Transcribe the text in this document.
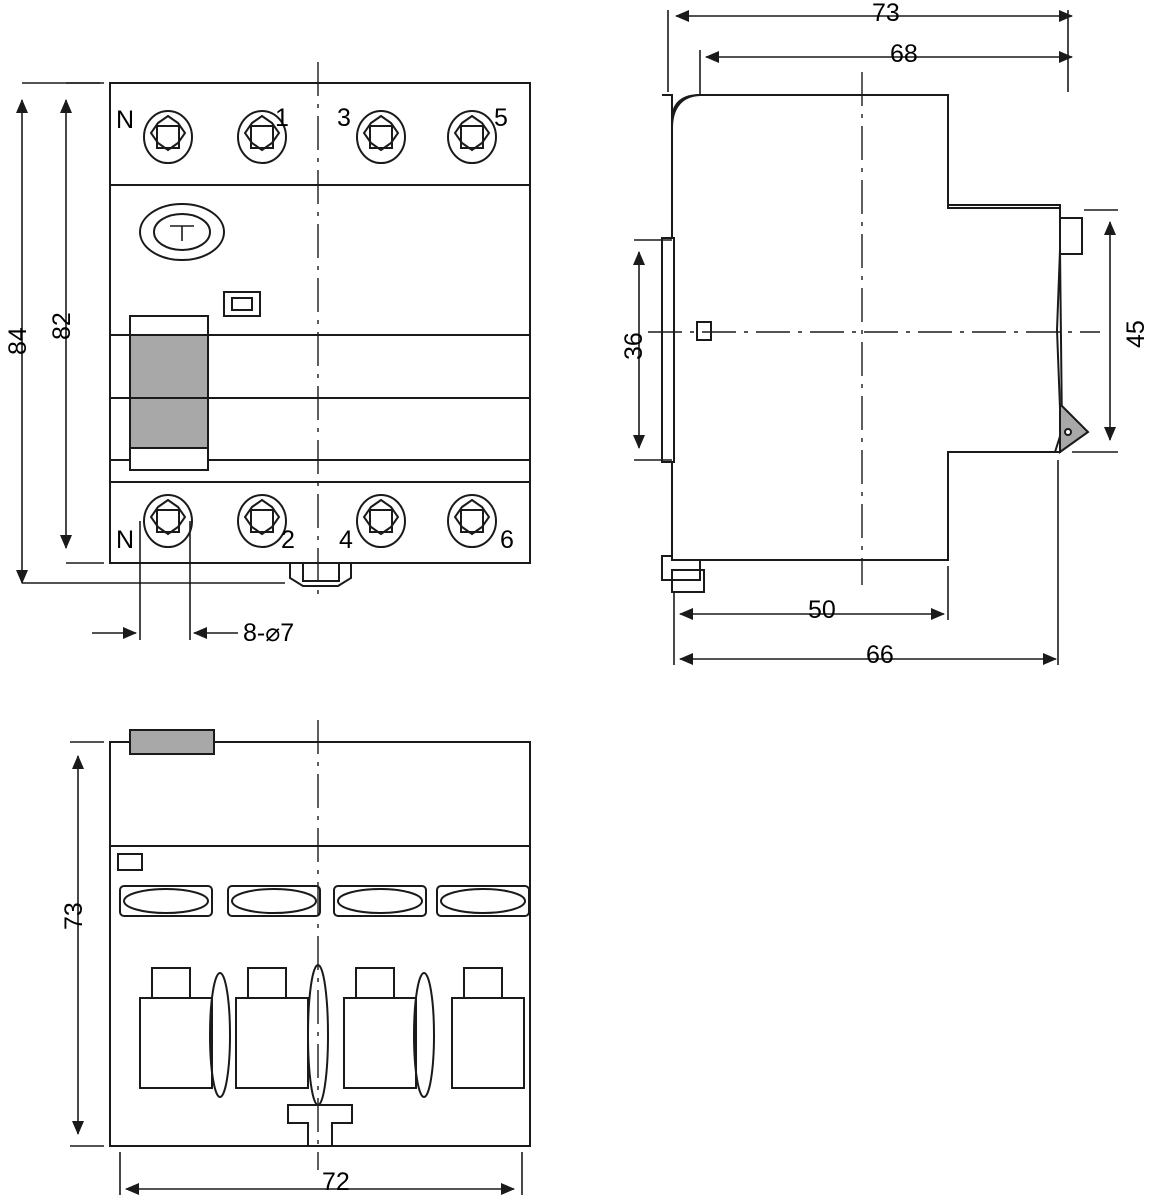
N	1 3	5
N	2 4	6
84
82
8-⌀7
73
68
36	45
50
66
73
72
